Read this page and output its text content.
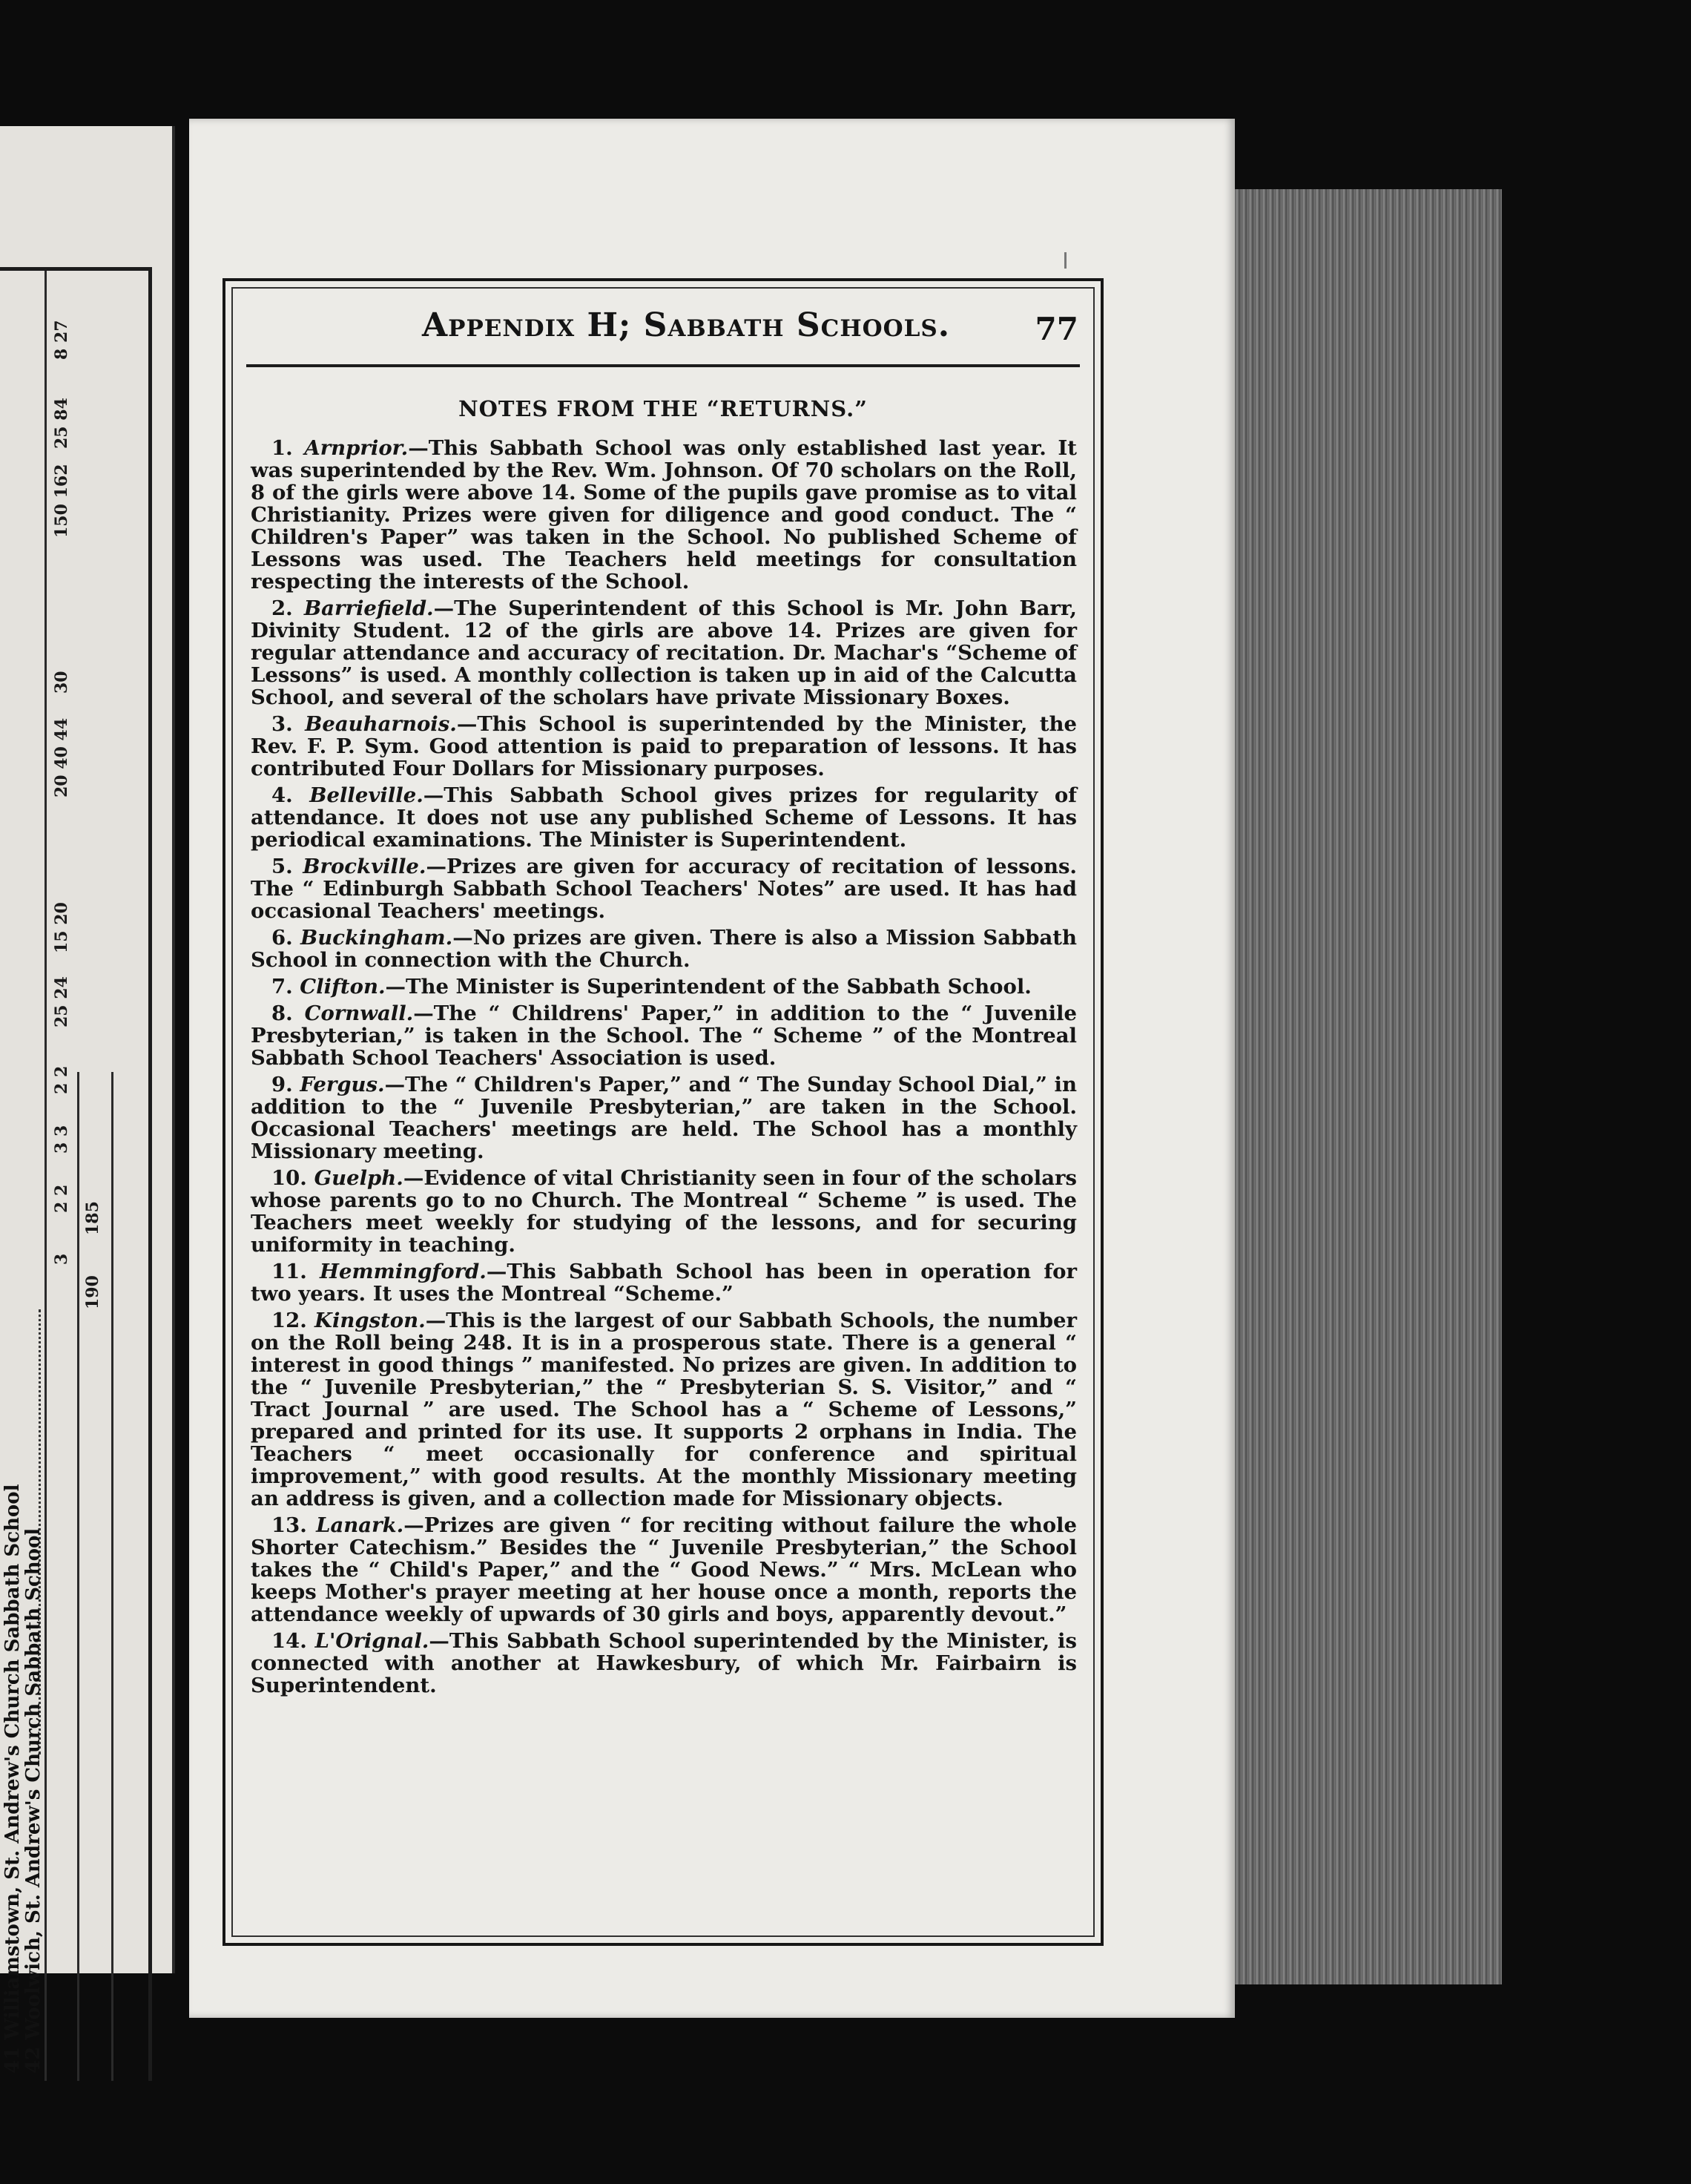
8 27
25 84
150 162
30
20 40 44
15 20
25 24
2 2
3 3
2 2
3
185
190
41 Williamstown, St. Andrew's Church Sabbath School
42 Woolwich, St. Andrew's Church Sabbath School
Appendix H; Sabbath Schools.	77
NOTES FROM THE “RETURNS.”

1. Arnprior.—This Sabbath School was only established last year. It was superintended by the Rev. Wm. Johnson. Of 70 scholars on the Roll, 8 of the girls were above 14. Some of the pupils gave promise as to vital Christianity. Prizes were given for diligence and good conduct. The “ Children's Paper” was taken in the School. No published Scheme of Lessons was used. The Teachers held meetings for consultation respecting the interests of the School.

2. Barriefield.—The Superintendent of this School is Mr. John Barr, Divinity Student. 12 of the girls are above 14. Prizes are given for regular attendance and accuracy of recitation. Dr. Machar's “Scheme of Lessons” is used. A monthly collection is taken up in aid of the Calcutta School, and several of the scholars have private Missionary Boxes.

3. Beauharnois.—This School is superintended by the Minister, the Rev. F. P. Sym. Good attention is paid to preparation of lessons. It has contributed Four Dollars for Missionary purposes.

4. Belleville.—This Sabbath School gives prizes for regularity of attendance. It does not use any published Scheme of Lessons. It has periodical examinations. The Minister is Superintendent.

5. Brockville.—Prizes are given for accuracy of recitation of lessons. The “ Edinburgh Sabbath School Teachers' Notes” are used. It has had occasional Teachers' meetings.

6. Buckingham.—No prizes are given. There is also a Mission Sabbath School in connection with the Church.

7. Clifton.—The Minister is Superintendent of the Sabbath School.

8. Cornwall.—The “ Childrens' Paper,” in addition to the “ Juvenile Presbyterian,” is taken in the School. The “ Scheme ” of the Montreal Sabbath School Teachers' Association is used.

9. Fergus.—The “ Children's Paper,” and “ The Sunday School Dial,” in addition to the “ Juvenile Presbyterian,” are taken in the School. Occasional Teachers' meetings are held. The School has a monthly Missionary meeting.

10. Guelph.—Evidence of vital Christianity seen in four of the scholars whose parents go to no Church. The Montreal “ Scheme ” is used. The Teachers meet weekly for studying of the lessons, and for securing uniformity in teaching.

11. Hemmingford.—This Sabbath School has been in operation for two years. It uses the Montreal “Scheme.”

12. Kingston.—This is the largest of our Sabbath Schools, the number on the Roll being 248. It is in a prosperous state. There is a general “ interest in good things ” manifested. No prizes are given. In addition to the “ Juvenile Presbyterian,” the “ Presbyterian S. S. Visitor,” and “ Tract Journal ” are used. The School has a “ Scheme of Lessons,” prepared and printed for its use. It supports 2 orphans in India. The Teachers “ meet occasionally for conference and spiritual improvement,” with good results. At the monthly Missionary meeting an address is given, and a collection made for Missionary objects.

13. Lanark.—Prizes are given “ for reciting without failure the whole Shorter Catechism.” Besides the “ Juvenile Presbyterian,” the School takes the “ Child's Paper,” and the “ Good News.” “ Mrs. McLean who keeps Mother's prayer meeting at her house once a month, reports the attendance weekly of upwards of 30 girls and boys, apparently devout.”

14. L'Orignal.—This Sabbath School superintended by the Minister, is connected with another at Hawkesbury, of which Mr. Fairbairn is Superintendent.
